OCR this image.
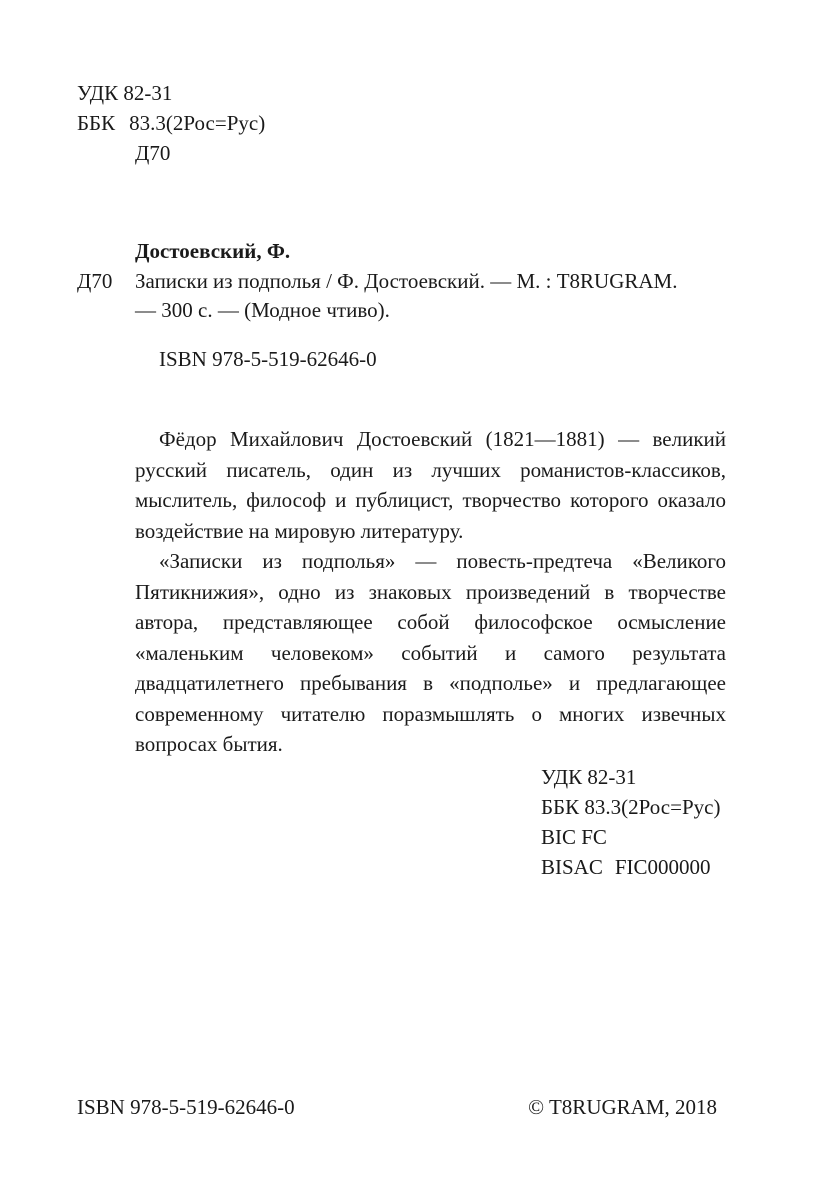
УДК 82-31
ББК 83.3(2Рос=Рус)
Д70
Достоевский, Ф.
Д70 Записки из подполья / Ф. Достоевский. — М. : T8RUGRAM.
— 300 с. — (Модное чтиво).
ISBN 978-5-519-62646-0

Фёдор Михайлович Достоевский (1821—1881) — великий русский писатель, один из лучших романистов-классиков, мыслитель, философ и публицист, творчество которого оказало воздействие на мировую литературу.

«Записки из подполья» — повесть-предтеча «Великого Пятикнижия», одно из знаковых произведений в творчестве автора, представляющее собой философское осмысление «маленьким человеком» событий и самого результата двадцатилетнего пребывания в «подполье» и предлагающее современному читателю поразмышлять о многих извечных вопросах бытия.

УДК 82-31
ББК 83.3(2Рос=Рус)
BIC FC
BISAC FIC000000
ISBN 978-5-519-62646-0	© T8RUGRAM, 2018
